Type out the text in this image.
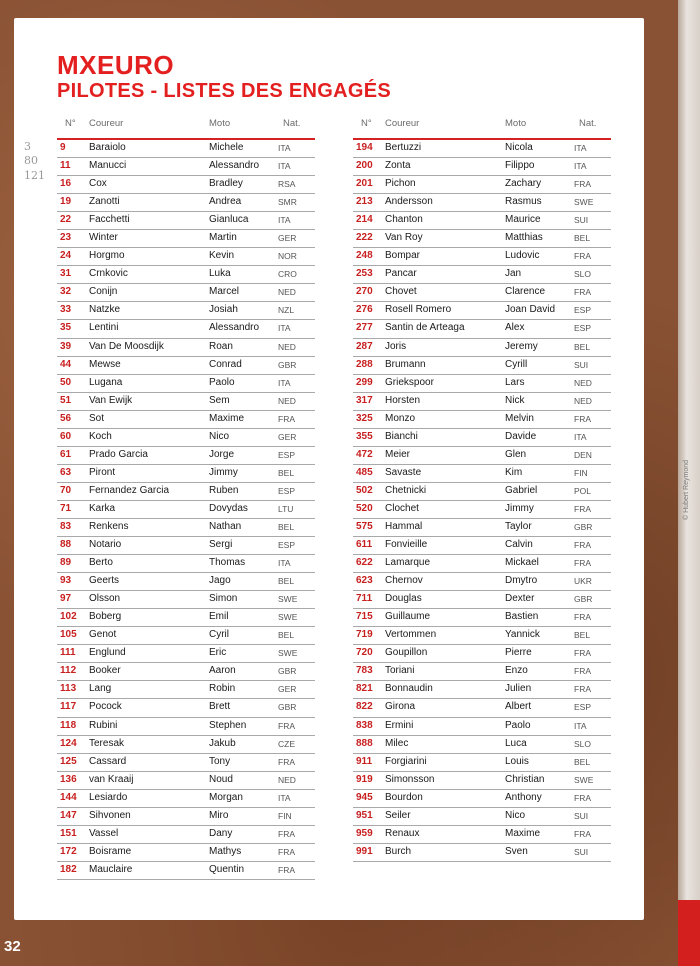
MXEURO
PILOTES - LISTES DES ENGAGÉS
3
80
121
N° Coureur	Moto	Nat.
9 Baraiolo	Michele	ITA
11 Manucci	Alessandro ITA
16 Cox	Bradley	RSA
19 Zanotti	Andrea	SMR
22 Facchetti	Gianluca	ITA
23 Winter	Martin	GER
24 Horgmo	Kevin	NOR
31 Crnkovic	Luka	CRO
32 Conijn	Marcel	NED
33 Natzke	Josiah	NZL
35 Lentini	Alessandro ITA
39 Van De Moosdijk	Roan	NED
44 Mewse	Conrad	GBR
50 Lugana	Paolo	ITA
51 Van Ewijk	Sem	NED
56 Sot	Maxime	FRA
60 Koch	Nico	GER
61 Prado Garcia	Jorge	ESP
63 Piront	Jimmy	BEL
70 Fernandez Garcia	Ruben	ESP
71 Karka	Dovydas	LTU
83 Renkens	Nathan	BEL
88 Notario	Sergi	ESP
89 Berto	Thomas	ITA
93 Geerts	Jago	BEL
97 Olsson	Simon	SWE
102 Boberg	Emil	SWE
105 Genot	Cyril	BEL
111 Englund	Eric	SWE
112 Booker	Aaron	GBR
113 Lang	Robin	GER
117 Pocock	Brett	GBR
118 Rubini	Stephen	FRA
124 Teresak	Jakub	CZE
125 Cassard	Tony	FRA
136 van Kraaij	Noud	NED
144 Lesiardo	Morgan	ITA
147 Sihvonen	Miro	FIN
151 Vassel	Dany	FRA
172 Boisrame	Mathys	FRA
182 Mauclaire	Quentin	FRA
N° Coureur	Moto	Nat.
194 Bertuzzi	Nicola	ITA
200 Zonta	Filippo	ITA
201 Pichon	Zachary	FRA
213 Andersson	Rasmus	SWE
214 Chanton	Maurice	SUI
222 Van Roy	Matthias	BEL
248 Bompar	Ludovic	FRA
253 Pancar	Jan	SLO
270 Chovet	Clarence	FRA
276 Rosell Romero	Joan David ESP
277 Santin de Arteaga	Alex	ESP
287 Joris	Jeremy	BEL
288 Brumann	Cyrill	SUI
299 Griekspoor	Lars	NED
317 Horsten	Nick	NED
325 Monzo	Melvin	FRA
355 Bianchi	Davide	ITA
472 Meier	Glen	DEN
485 Savaste	Kim	FIN
502 Chetnicki	Gabriel	POL
520 Clochet	Jimmy	FRA
575 Hammal	Taylor	GBR
611 Fonvieille	Calvin	FRA
622 Lamarque	Mickael	FRA
623 Chernov	Dmytro	UKR
711 Douglas	Dexter	GBR
715 Guillaume	Bastien	FRA
719 Vertommen	Yannick	BEL
720 Goupillon	Pierre	FRA
783 Toriani	Enzo	FRA
821 Bonnaudin	Julien	FRA
822 Girona	Albert	ESP
838 Ermini	Paolo	ITA
888 Milec	Luca	SLO
911 Forgiarini	Louis	BEL
919 Simonsson	Christian	SWE
945 Bourdon	Anthony	FRA
951 Seiler	Nico	SUI
959 Renaux	Maxime	FRA
991 Burch	Sven	SUI

32

© Hubert Reymond
